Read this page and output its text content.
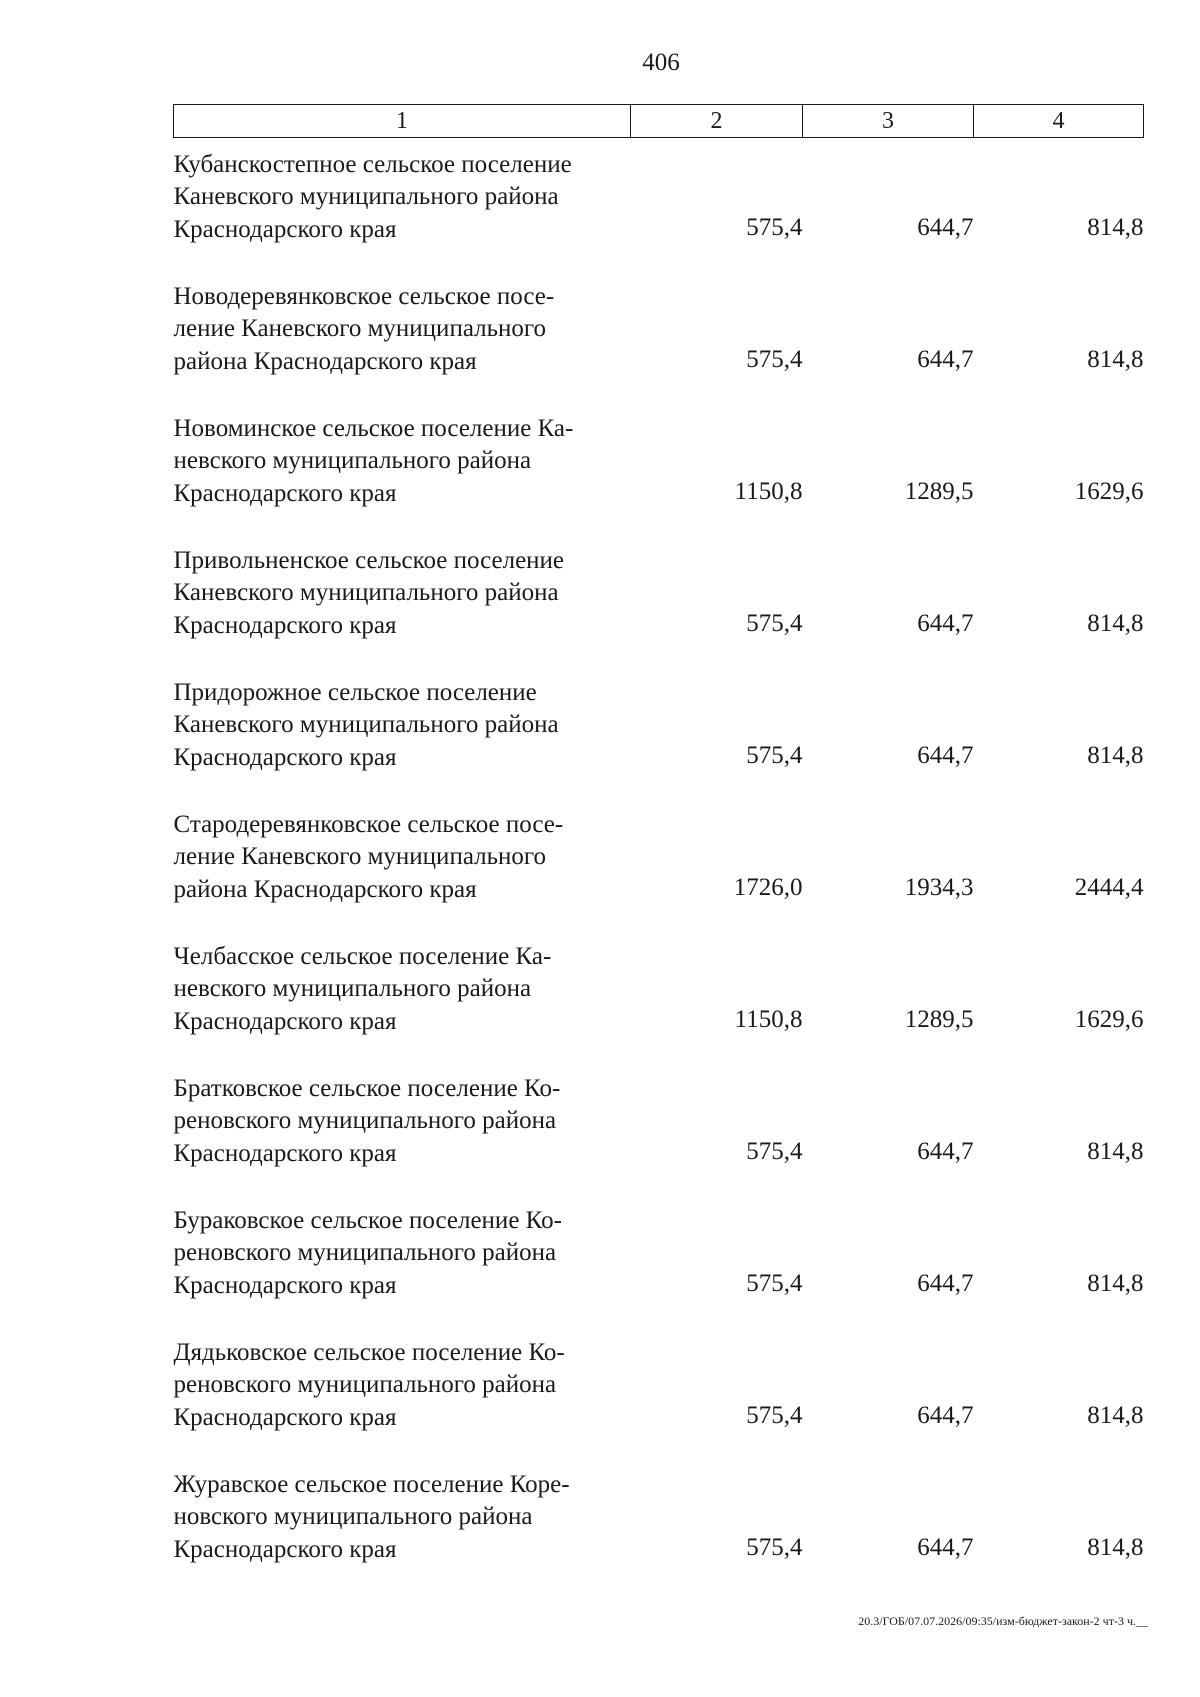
406
1	2	3	4

Кубанскостепное сельское поселение
Каневского муниципального района
Краснодарского края	575,4	644,7	814,8

Новодеревянковское сельское посе-
ление Каневского муниципального
района Краснодарского края	575,4	644,7	814,8

Новоминское сельское поселение Ка-
невского муниципального района
Краснодарского края	1150,8	1289,5	1629,6

Привольненское сельское поселение
Каневского муниципального района
Краснодарского края	575,4	644,7	814,8

Придорожное сельское поселение
Каневского муниципального района
Краснодарского края	575,4	644,7	814,8

Стародеревянковское сельское посе-
ление Каневского муниципального
района Краснодарского края	1726,0	1934,3	2444,4

Челбасское сельское поселение Ка-
невского муниципального района
Краснодарского края	1150,8	1289,5	1629,6

Братковское сельское поселение Ко-
реновского муниципального района
Краснодарского края	575,4	644,7	814,8

Бураковское сельское поселение Ко-
реновского муниципального района
Краснодарского края	575,4	644,7	814,8

Дядьковское сельское поселение Ко-
реновского муниципального района
Краснодарского края	575,4	644,7	814,8

Журавское сельское поселение Коре-
новского муниципального района
Краснодарского края	575,4	644,7	814,8
20.3/ГОБ/07.07.2026/09:35/изм-бюджет-закон-2 чт-3 ч.__
